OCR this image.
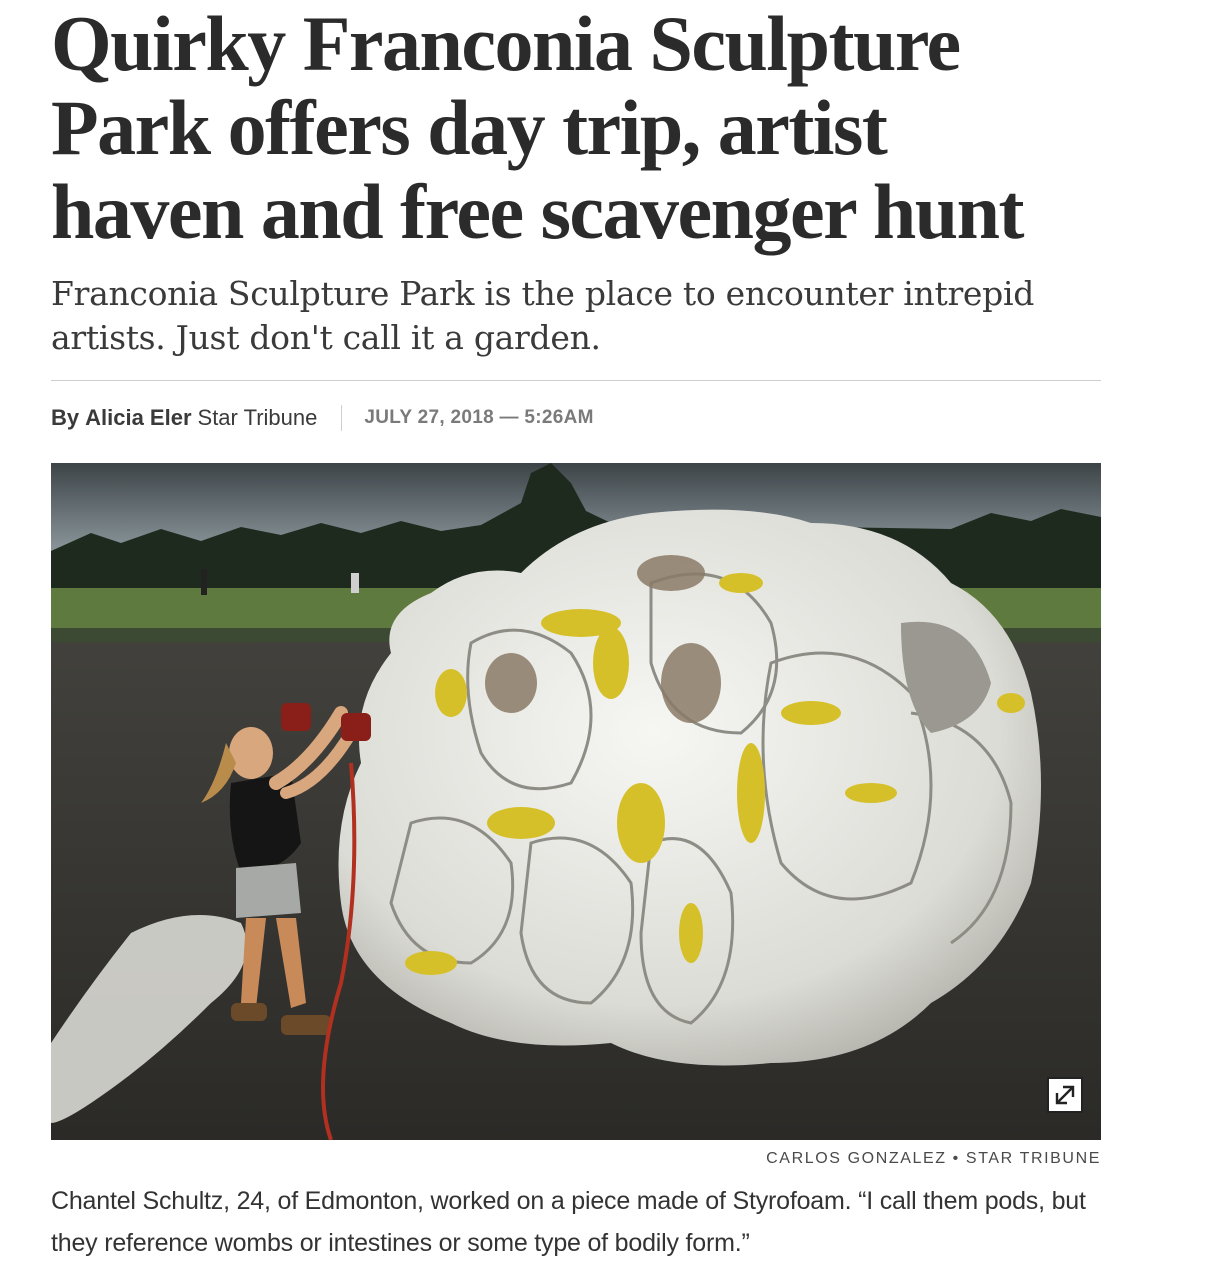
Quirky Franconia Sculpture Park offers day trip, artist haven and free scavenger hunt

Franconia Sculpture Park is the place to encounter intrepid artists. Just don't call it a garden.

By Alicia Eler Star Tribune JULY 27, 2018 — 5:26AM
CARLOS GONZALEZ • STAR TRIBUNE
Chantel Schultz, 24, of Edmonton, worked on a piece made of Styrofoam. “I call them pods, but they reference wombs or intestines or some type of bodily form.”
